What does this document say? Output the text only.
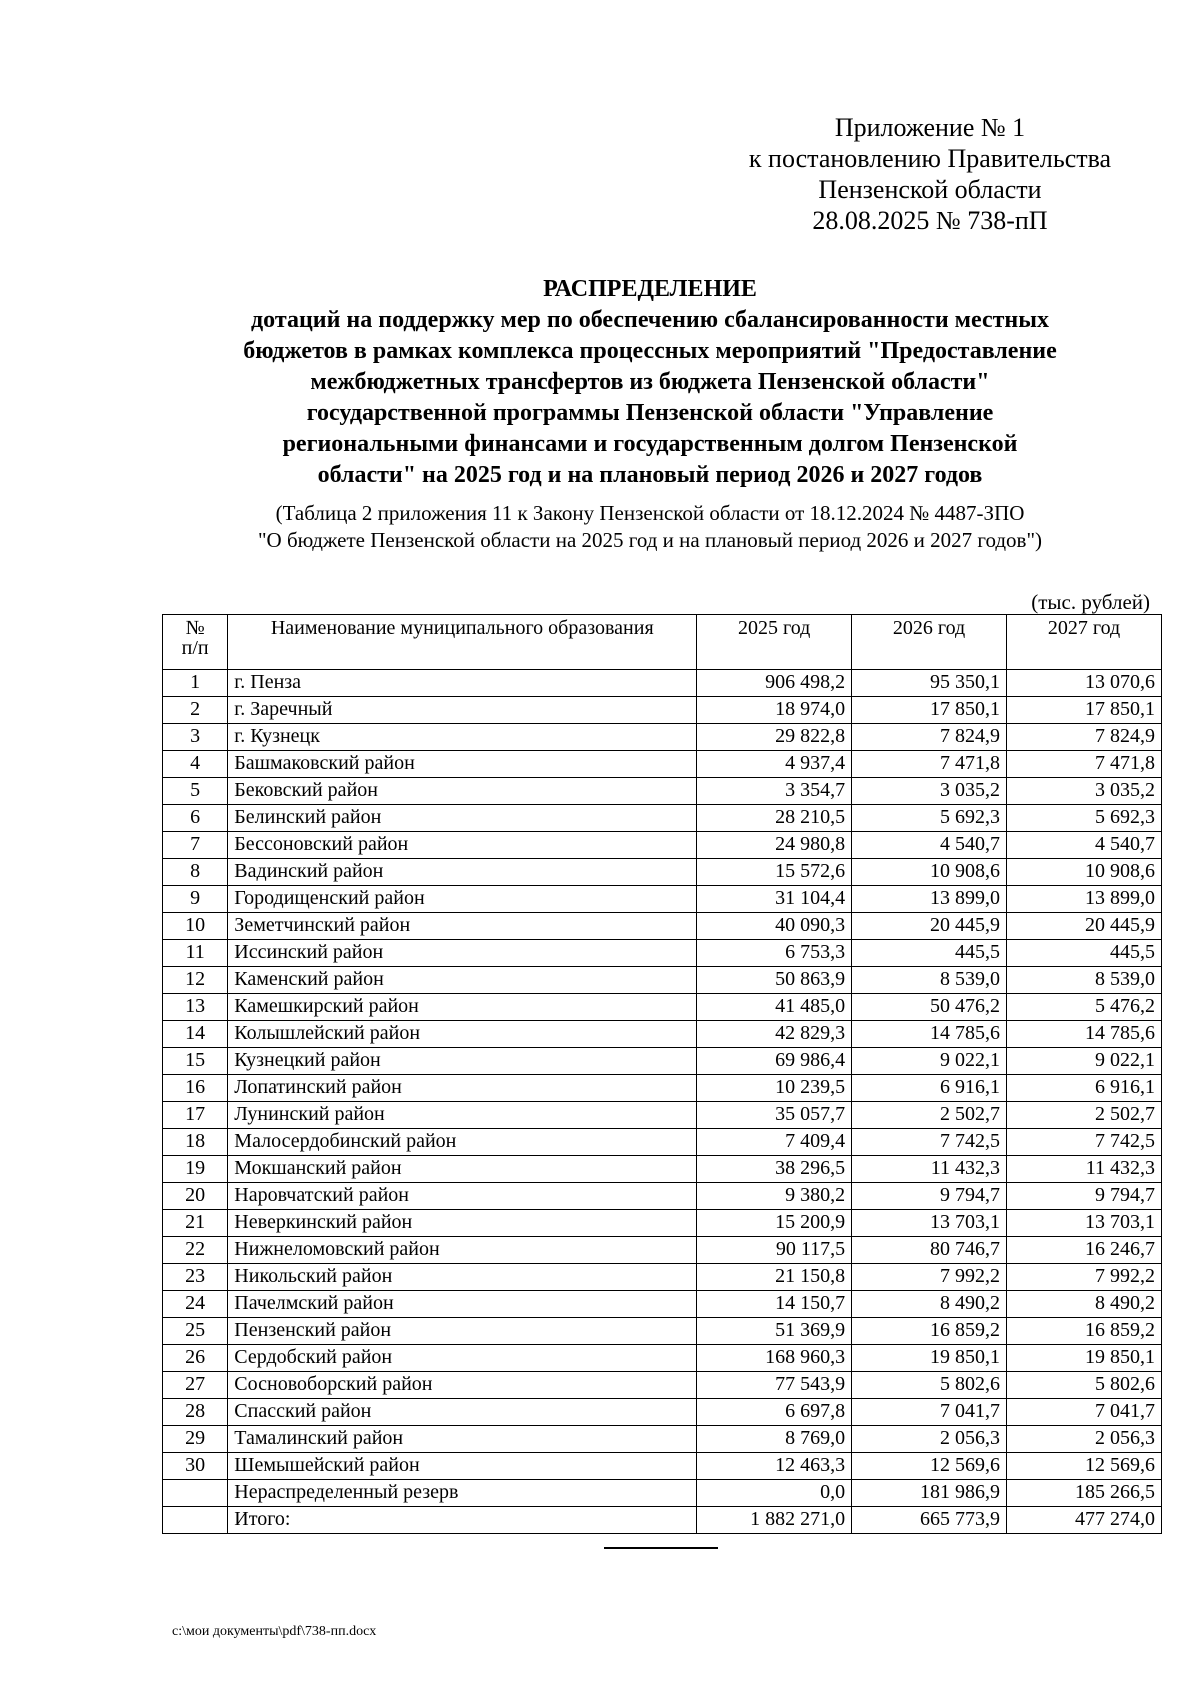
Приложение № 1
к постановлению Правительства
Пензенской области
28.08.2025 № 738-пП
РАСПРЕДЕЛЕНИЕ
дотаций на поддержку мер по обеспечению сбалансированности местных
бюджетов в рамках комплекса процессных мероприятий "Предоставление
межбюджетных трансфертов из бюджета Пензенской области"
государственной программы Пензенской области "Управление
региональными финансами и государственным долгом Пензенской
области" на 2025 год и на плановый период 2026 и 2027 годов
(Таблица 2 приложения 11 к Закону Пензенской области от 18.12.2024 № 4487-ЗПО
"О бюджете Пензенской области на 2025 год и на плановый период 2026 и 2027 годов")
(тыс. рублей)
№
п/п	Наименование муниципального образования	2025 год	2026 год	2027 год
1	г. Пенза	906 498,2	95 350,1	13 070,6
2	г. Заречный	18 974,0	17 850,1	17 850,1
3	г. Кузнецк	29 822,8	7 824,9	7 824,9
4	Башмаковский район	4 937,4	7 471,8	7 471,8
5	Бековский район	3 354,7	3 035,2	3 035,2
6	Белинский район	28 210,5	5 692,3	5 692,3
7	Бессоновский район	24 980,8	4 540,7	4 540,7
8	Вадинский район	15 572,6	10 908,6	10 908,6
9	Городищенский район	31 104,4	13 899,0	13 899,0
10	Земетчинский район	40 090,3	20 445,9	20 445,9
11	Иссинский район	6 753,3	445,5	445,5
12	Каменский район	50 863,9	8 539,0	8 539,0
13	Камешкирский район	41 485,0	50 476,2	5 476,2
14	Колышлейский район	42 829,3	14 785,6	14 785,6
15	Кузнецкий район	69 986,4	9 022,1	9 022,1
16	Лопатинский район	10 239,5	6 916,1	6 916,1
17	Лунинский район	35 057,7	2 502,7	2 502,7
18	Малосердобинский район	7 409,4	7 742,5	7 742,5
19	Мокшанский район	38 296,5	11 432,3	11 432,3
20	Наровчатский район	9 380,2	9 794,7	9 794,7
21	Неверкинский район	15 200,9	13 703,1	13 703,1
22	Нижнеломовский район	90 117,5	80 746,7	16 246,7
23	Никольский район	21 150,8	7 992,2	7 992,2
24	Пачелмский район	14 150,7	8 490,2	8 490,2
25	Пензенский район	51 369,9	16 859,2	16 859,2
26	Сердобский район	168 960,3	19 850,1	19 850,1
27	Сосновоборский район	77 543,9	5 802,6	5 802,6
28	Спасский район	6 697,8	7 041,7	7 041,7
29	Тамалинский район	8 769,0	2 056,3	2 056,3
30	Шемышейский район	12 463,3	12 569,6	12 569,6
	Нераспределенный резерв	0,0	181 986,9	185 266,5
	Итого:	1 882 271,0	665 773,9	477 274,0
c:\мои документы\pdf\738-пп.docx
